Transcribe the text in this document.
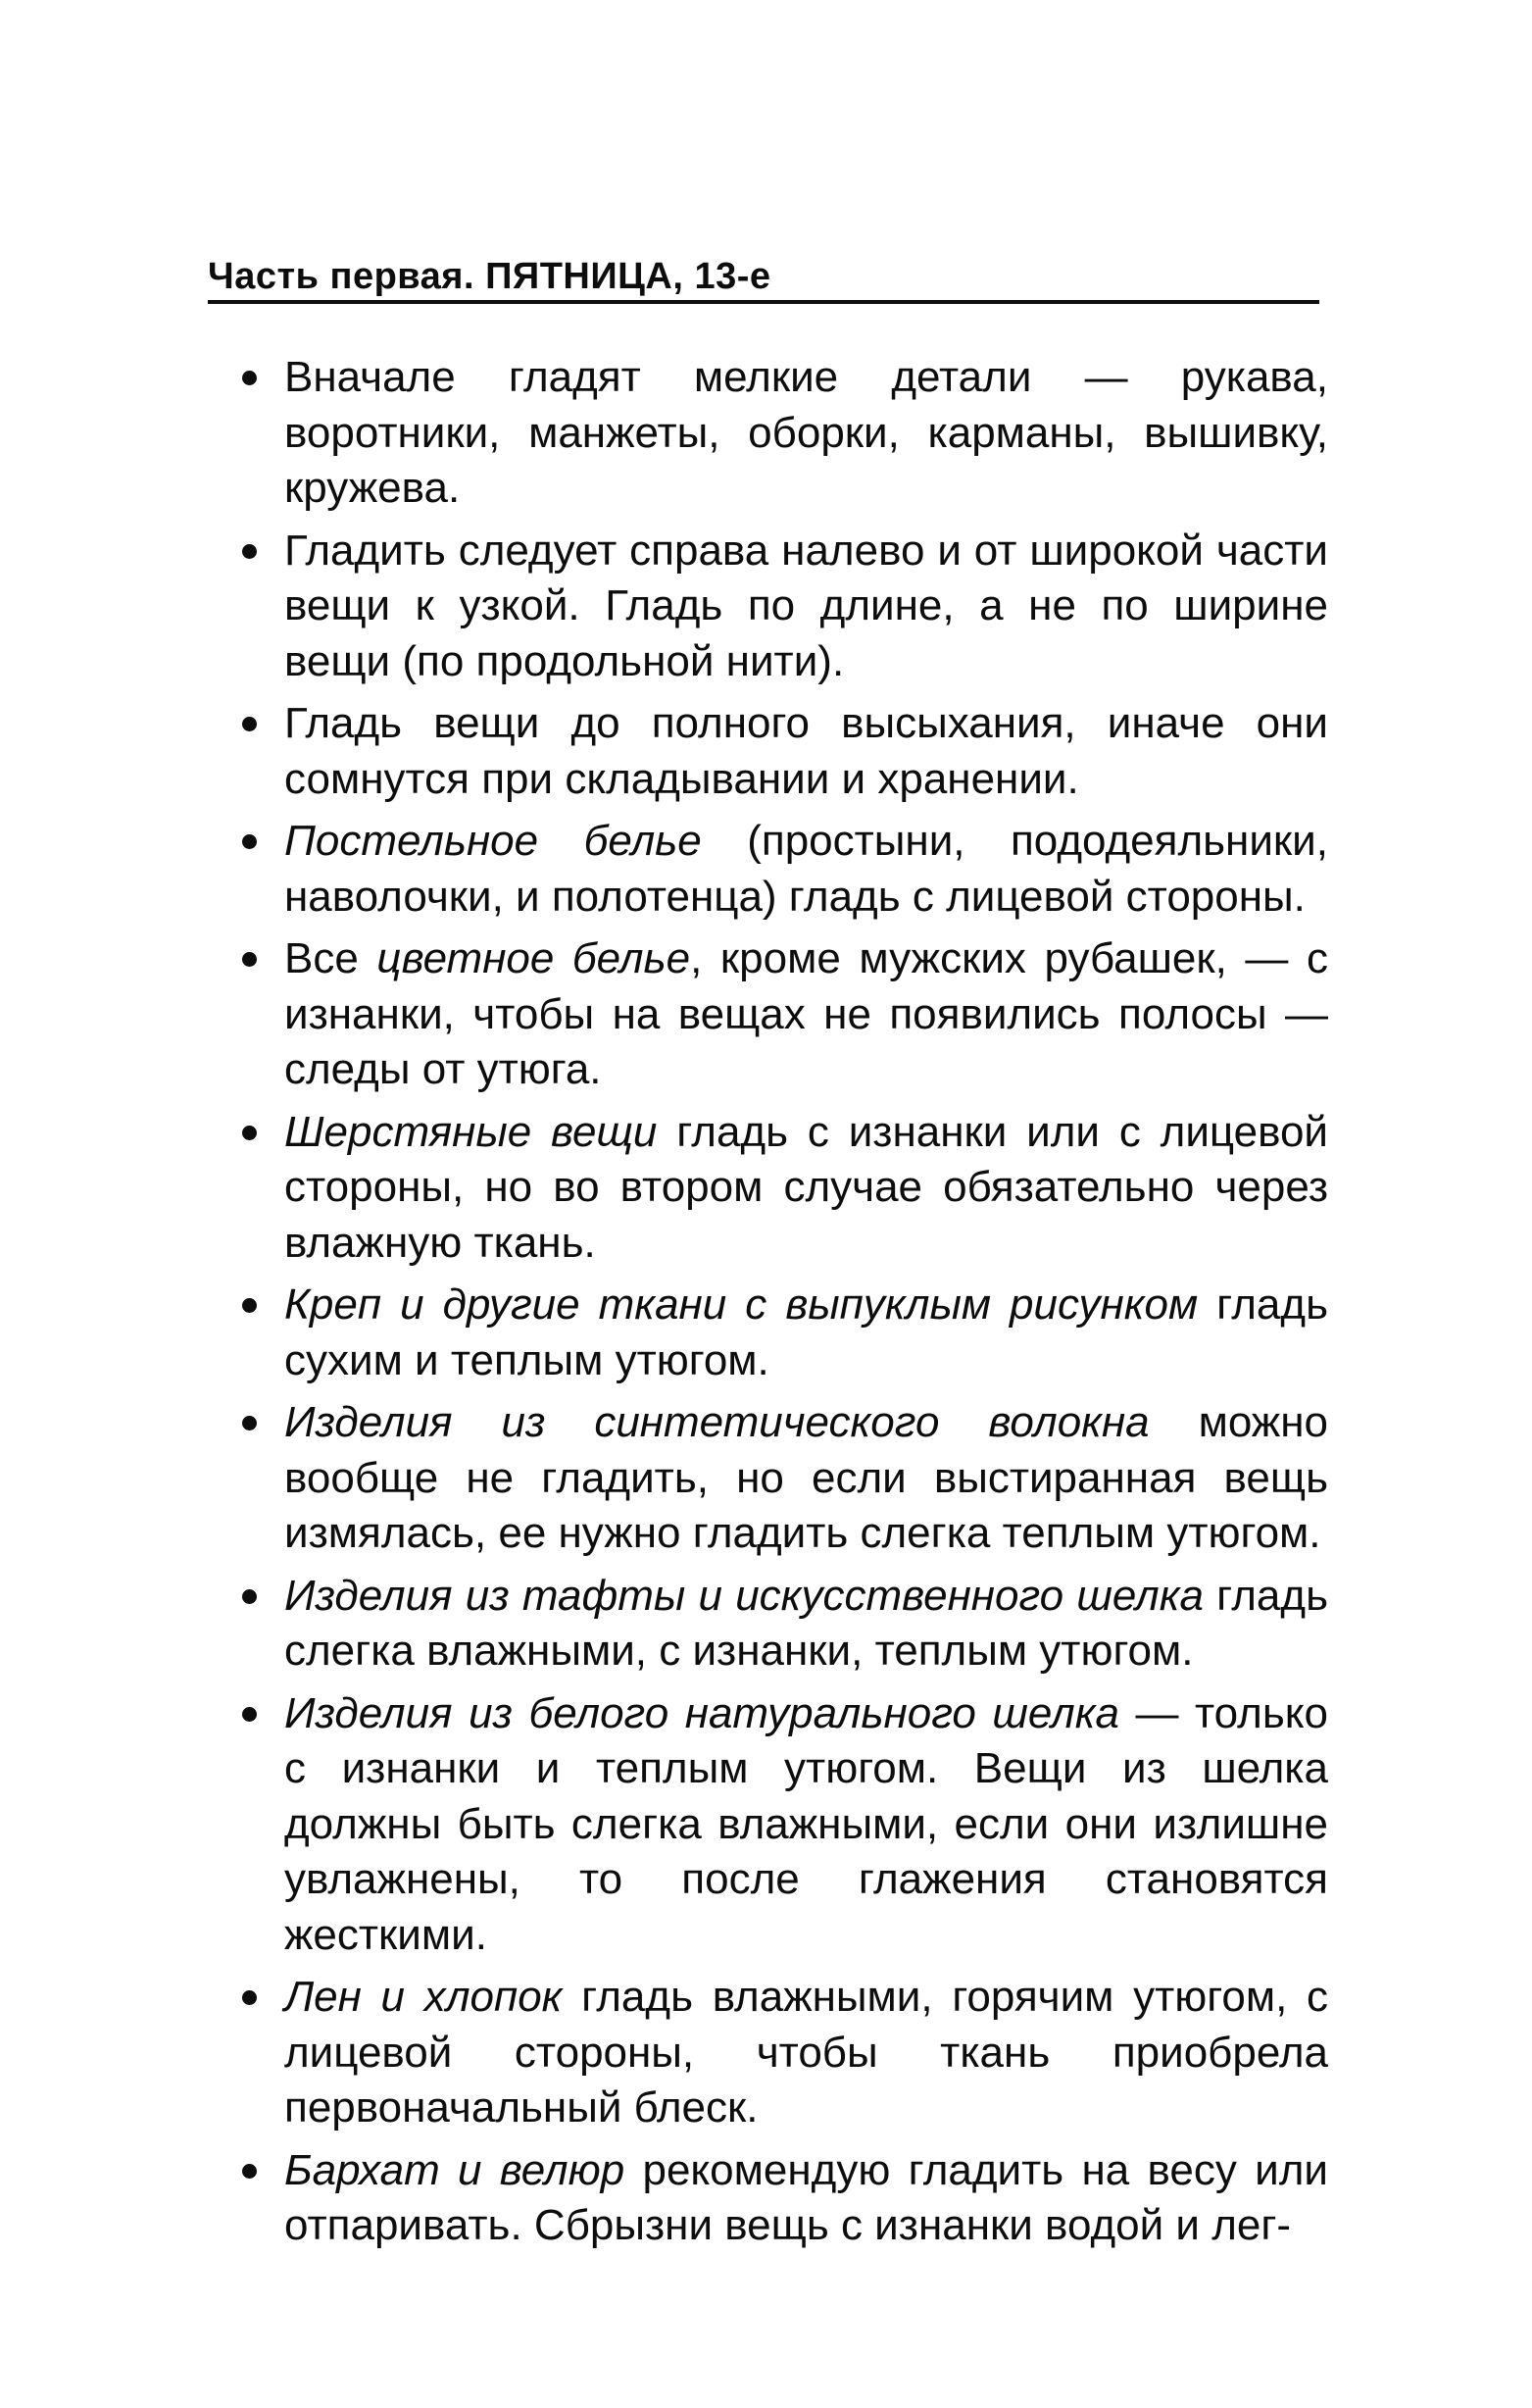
Часть первая. ПЯТНИЦА, 13-е
Вначале гладят мелкие детали — рукава, воротники, манжеты, оборки, карманы, вышивку, кружева.
Гладить следует справа налево и от широкой части вещи к узкой. Гладь по длине, а не по ширине вещи (по продольной нити).
Гладь вещи до полного высыхания, иначе они сомнутся при складывании и хранении.
Постельное белье (простыни, пододеяльники, наволочки, и полотенца) гладь с лицевой стороны.
Все цветное белье, кроме мужских рубашек, — с изнанки, чтобы на вещах не появились полосы — следы от утюга.
Шерстяные вещи гладь с изнанки или с лицевой стороны, но во втором случае обязательно через влажную ткань.
Креп и другие ткани с выпуклым рисунком гладь сухим и теплым утюгом.
Изделия из синтетического волокна можно вообще не гладить, но если выстиранная вещь измялась, ее нужно гладить слегка теплым утюгом.
Изделия из тафты и искусственного шелка гладь слегка влажными, с изнанки, теплым утюгом.
Изделия из белого натурального шелка — только с изнанки и теплым утюгом. Вещи из шелка должны быть слегка влажными, если они излишне увлажнены, то после глажения становятся жесткими.
Лен и хлопок гладь влажными, горячим утюгом, с лицевой стороны, чтобы ткань приобрела первоначальный блеск.
Бархат и велюр рекомендую гладить на весу или отпаривать. Сбрызни вещь с изнанки водой и лег-
